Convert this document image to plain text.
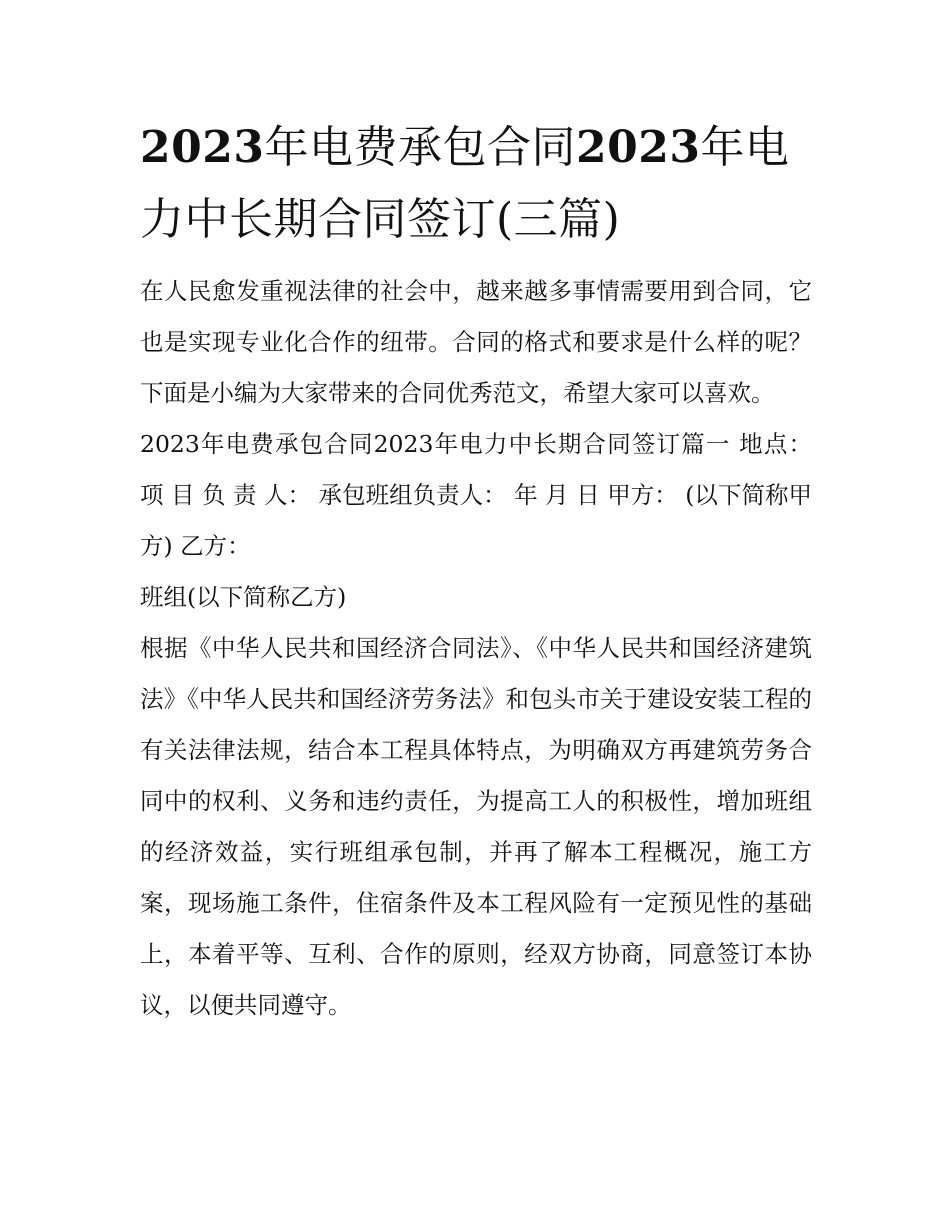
2023年电费承包合同2023年电力中长期合同签订(三篇)

在人民愈发重视法律的社会中，越来越多事情需要用到合同，它也是实现专业化合作的纽带。合同的格式和要求是什么样的呢？下面是小编为大家带来的合同优秀范文，希望大家可以喜欢。

2023年电费承包合同2023年电力中长期合同签订篇一 地点： 项 目 负 责 人： 承包班组负责人： 年 月 日 甲方： (以下简称甲方) 乙方：

班组(以下简称乙方)

根据《中华人民共和国经济合同法》、《中华人民共和国经济建筑法》《中华人民共和国经济劳务法》和包头市关于建设安装工程的有关法律法规，结合本工程具体特点，为明确双方再建筑劳务合同中的权利、义务和违约责任，为提高工人的积极性，增加班组的经济效益，实行班组承包制，并再了解本工程概况，施工方案，现场施工条件，住宿条件及本工程风险有一定预见性的基础上，本着平等、互利、合作的原则，经双方协商，同意签订本协议，以便共同遵守。
